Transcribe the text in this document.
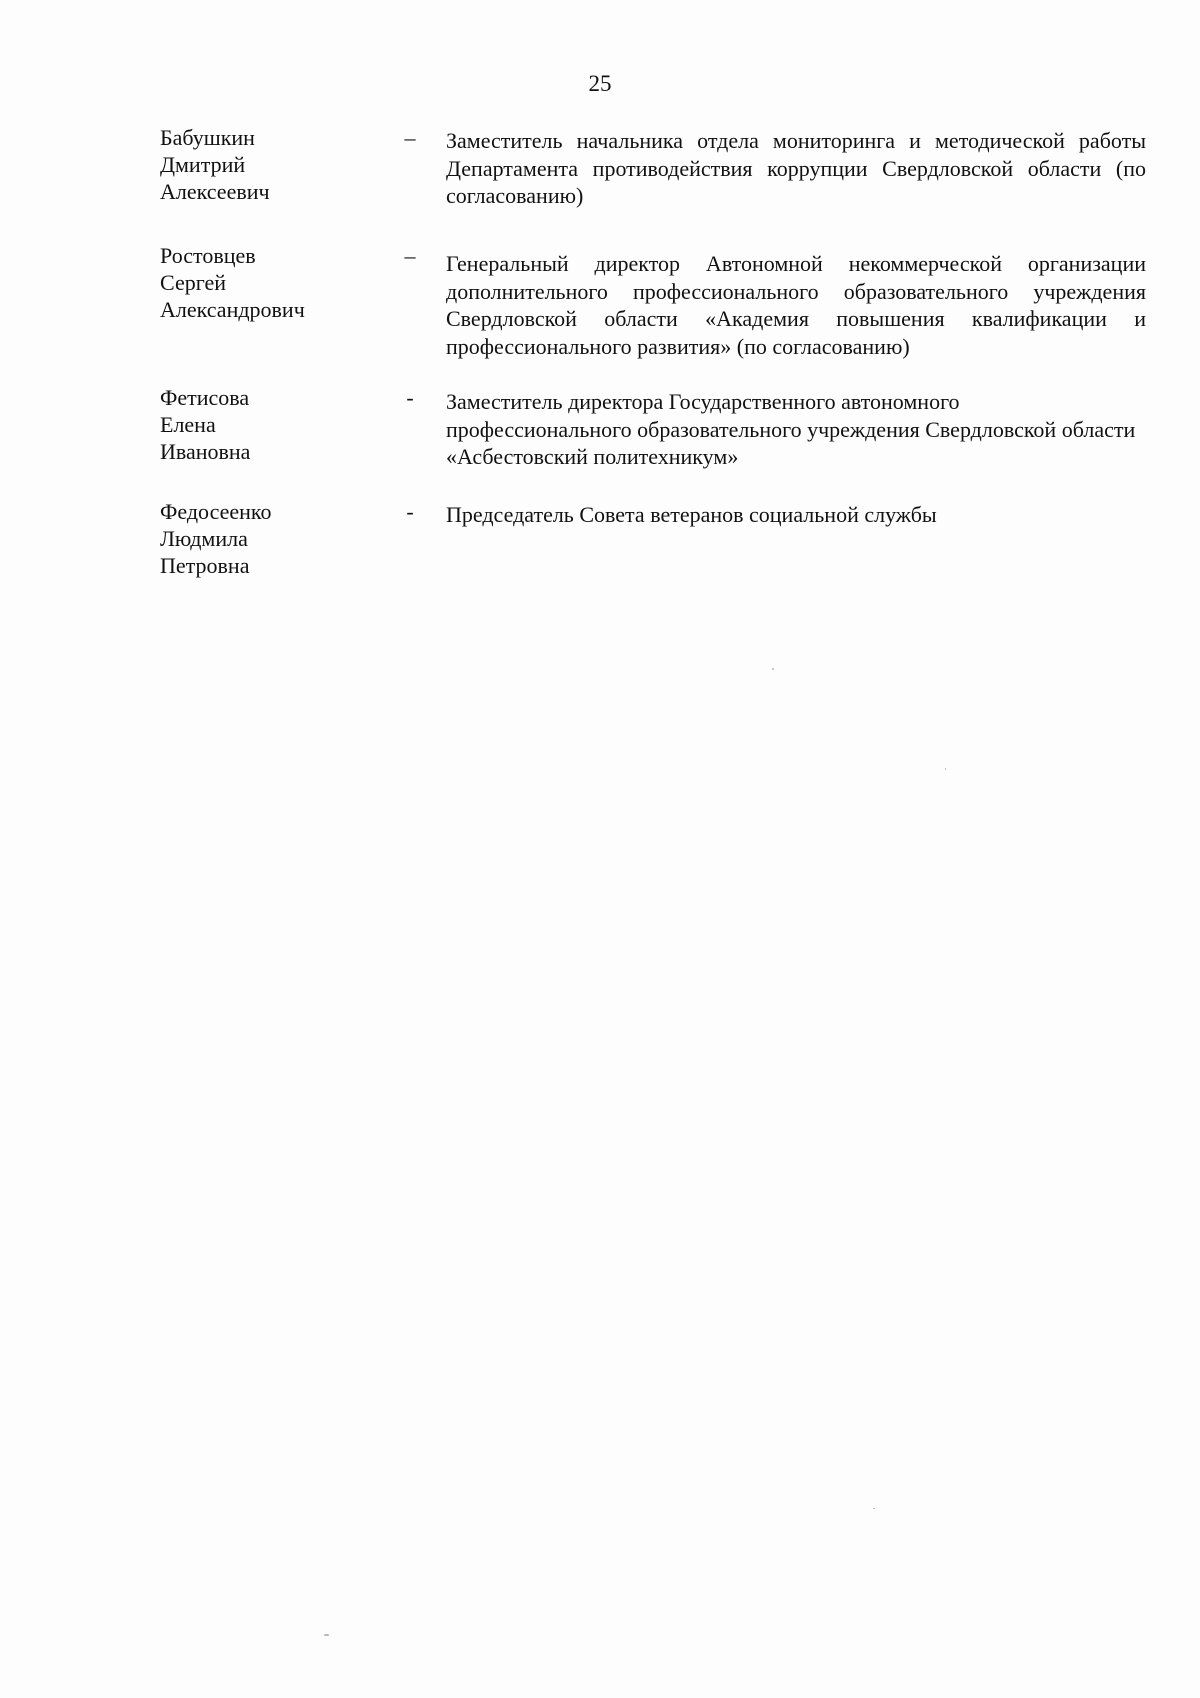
25
Бабушкин
Дмитрий
Алексеевич
– Заместитель начальника отдела мониторинга и методической работы Департамента противодействия коррупции Свердловской области (по согласованию)
Ростовцев
Сергей
Александрович
– Генеральный директор Автономной некоммерческой организации дополнительного профессионального образовательного учреждения Свердловской области «Академия повышения квалификации и профессионального развития» (по согласованию)
Фетисова
Елена
Ивановна
- Заместитель директора Государственного автономного профессионального образовательного учреждения Свердловской области «Асбестовский политехникум»
Федосеенко
Людмила
Петровна
- Председатель Совета ветеранов социальной службы
